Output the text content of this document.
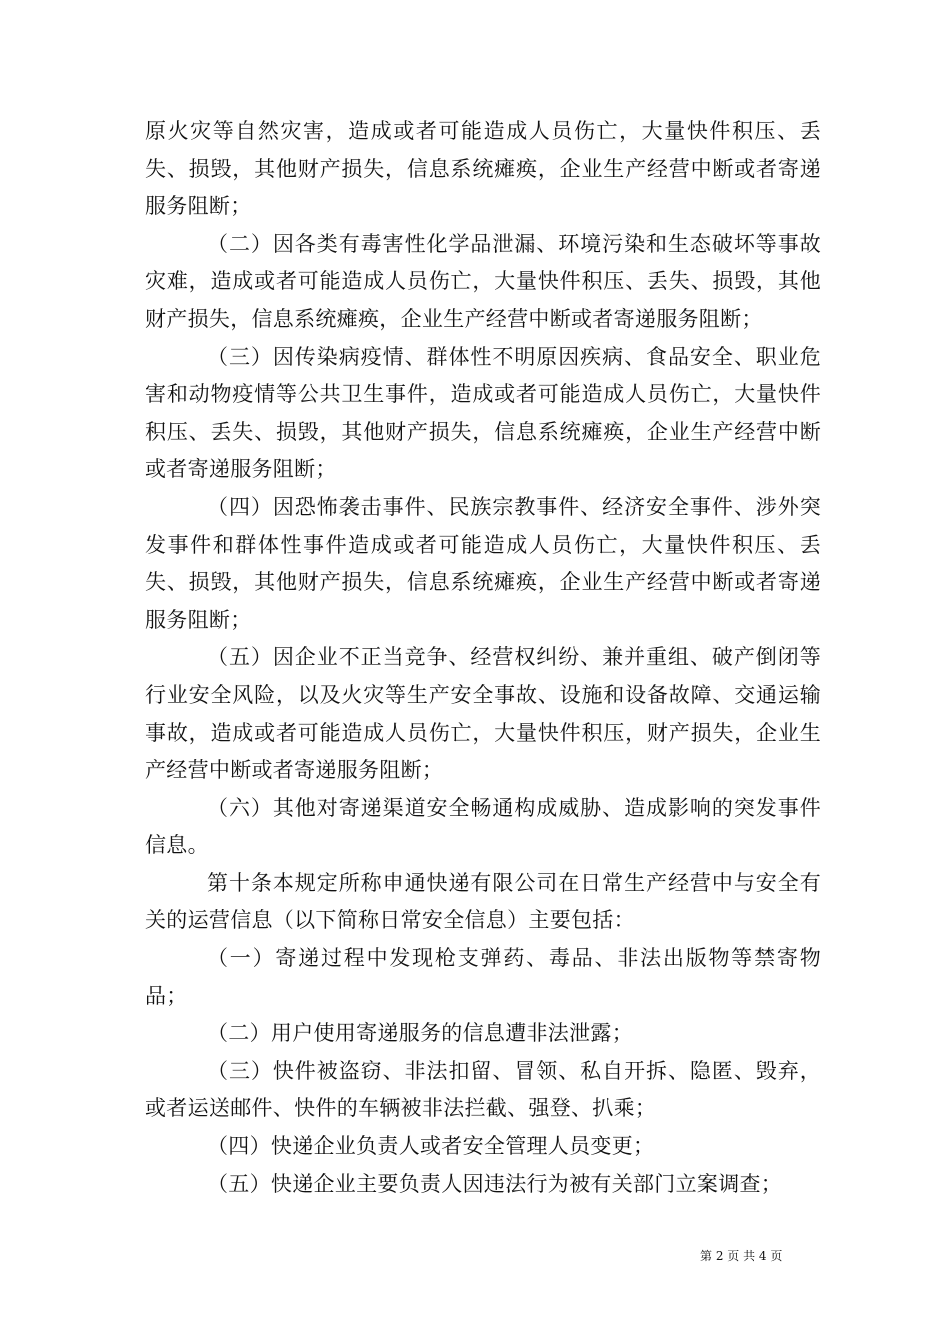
原火灾等自然灾害，造成或者可能造成人员伤亡，大量快件积压、丢失、损毁，其他财产损失，信息系统瘫痪，企业生产经营中断或者寄递服务阻断；

（二）因各类有毒害性化学品泄漏、环境污染和生态破坏等事故灾难，造成或者可能造成人员伤亡，大量快件积压、丢失、损毁，其他财产损失，信息系统瘫痪，企业生产经营中断或者寄递服务阻断；

（三）因传染病疫情、群体性不明原因疾病、食品安全、职业危害和动物疫情等公共卫生事件，造成或者可能造成人员伤亡，大量快件积压、丢失、损毁，其他财产损失，信息系统瘫痪，企业生产经营中断或者寄递服务阻断；

（四）因恐怖袭击事件、民族宗教事件、经济安全事件、涉外突发事件和群体性事件造成或者可能造成人员伤亡，大量快件积压、丢失、损毁，其他财产损失，信息系统瘫痪，企业生产经营中断或者寄递服务阻断；

（五）因企业不正当竞争、经营权纠纷、兼并重组、破产倒闭等行业安全风险，以及火灾等生产安全事故、设施和设备故障、交通运输事故，造成或者可能造成人员伤亡，大量快件积压，财产损失，企业生产经营中断或者寄递服务阻断；

（六）其他对寄递渠道安全畅通构成威胁、造成影响的突发事件信息。

第十条本规定所称申通快递有限公司在日常生产经营中与安全有关的运营信息（以下简称日常安全信息）主要包括：

（一）寄递过程中发现枪支弹药、毒品、非法出版物等禁寄物品；

（二）用户使用寄递服务的信息遭非法泄露；

（三）快件被盗窃、非法扣留、冒领、私自开拆、隐匿、毁弃，或者运送邮件、快件的车辆被非法拦截、强登、扒乘；

（四）快递企业负责人或者安全管理人员变更；

（五）快递企业主要负责人因违法行为被有关部门立案调查；

第 2 页 共 4 页
